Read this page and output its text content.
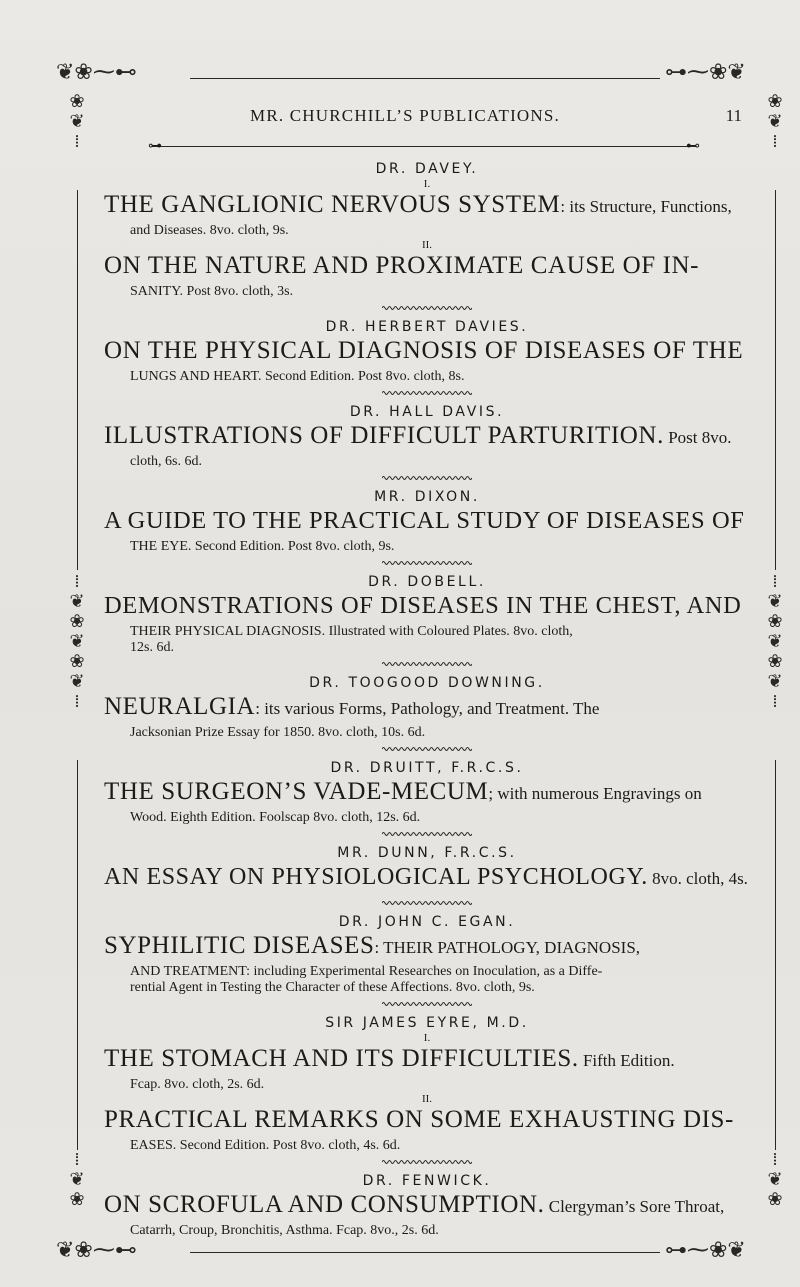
❦❀⁓⊷	⊶⁓❀❦
❦❀⁓⊷	⊶⁓❀❦
❀
❦
⁞
❀
❦
⁞
⁞
❦
❀
❦
❀
❦
⁞
⁞
❦
❀
❦
❀
❦
⁞
⁞
❦
❀
⁞
❦
❀
MR. CHURCHILL’S PUBLICATIONS.	11
⊶	⊷

DR. DAVEY.

I.

THE GANGLIONIC NERVOUS SYSTEM: its Structure, Functions,
and Diseases. 8vo. cloth, 9s.

II.

ON THE NATURE AND PROXIMATE CAUSE OF IN-
SANITY. Post 8vo. cloth, 3s.

DR. HERBERT DAVIES.

ON THE PHYSICAL DIAGNOSIS OF DISEASES OF THE
LUNGS AND HEART. Second Edition. Post 8vo. cloth, 8s.

DR. HALL DAVIS.

ILLUSTRATIONS OF DIFFICULT PARTURITION. Post 8vo.
cloth, 6s. 6d.

MR. DIXON.

A GUIDE TO THE PRACTICAL STUDY OF DISEASES OF
THE EYE. Second Edition. Post 8vo. cloth, 9s.

DR. DOBELL.

DEMONSTRATIONS OF DISEASES IN THE CHEST, AND
THEIR PHYSICAL DIAGNOSIS. Illustrated with Coloured Plates. 8vo. cloth,
12s. 6d.

DR. TOOGOOD DOWNING.

NEURALGIA: its various Forms, Pathology, and Treatment. The
Jacksonian Prize Essay for 1850. 8vo. cloth, 10s. 6d.

DR. DRUITT, F.R.C.S.

THE SURGEON’S VADE-MECUM; with numerous Engravings on
Wood. Eighth Edition. Foolscap 8vo. cloth, 12s. 6d.

MR. DUNN, F.R.C.S.

AN ESSAY ON PHYSIOLOGICAL PSYCHOLOGY. 8vo. cloth, 4s.

DR. JOHN C. EGAN.

SYPHILITIC DISEASES: THEIR PATHOLOGY, DIAGNOSIS,
AND TREATMENT: including Experimental Researches on Inoculation, as a Diffe-
rential Agent in Testing the Character of these Affections. 8vo. cloth, 9s.

SIR JAMES EYRE, M.D.

I.

THE STOMACH AND ITS DIFFICULTIES. Fifth Edition.
Fcap. 8vo. cloth, 2s. 6d.

II.

PRACTICAL REMARKS ON SOME EXHAUSTING DIS-
EASES. Second Edition. Post 8vo. cloth, 4s. 6d.

DR. FENWICK.

ON SCROFULA AND CONSUMPTION. Clergyman’s Sore Throat,
Catarrh, Croup, Bronchitis, Asthma. Fcap. 8vo., 2s. 6d.
